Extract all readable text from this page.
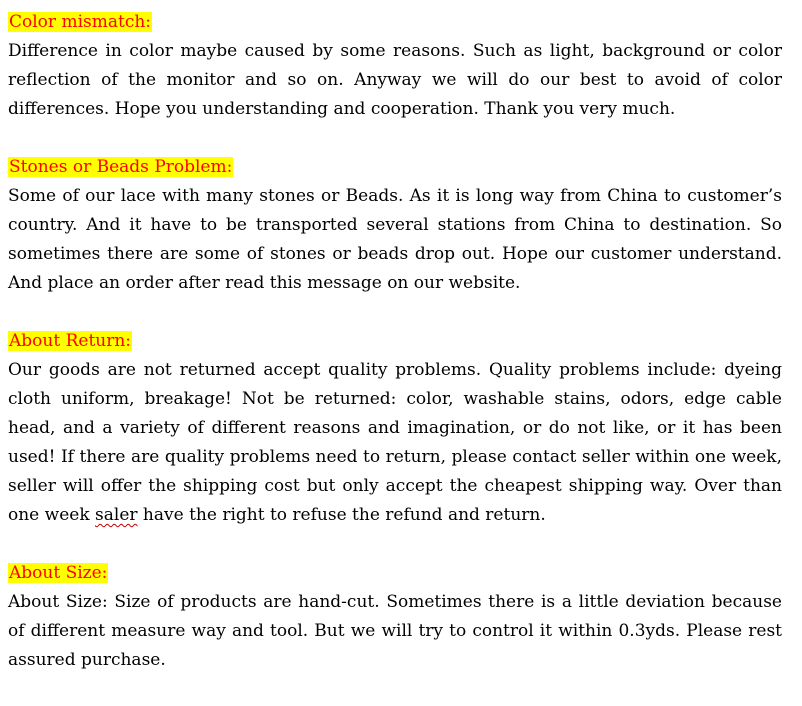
Color mismatch:

Difference in color maybe caused by some reasons. Such as light, background or color reflection of the monitor and so on. Anyway we will do our best to avoid of color differences. Hope you understanding and cooperation. Thank you very much.

Stones or Beads Problem:

Some of our lace with many stones or Beads. As it is long way from China to customer’s country. And it have to be transported several stations from China to destination. So sometimes there are some of stones or beads drop out. Hope our customer understand. And place an order after read this message on our website.

About Return:

Our goods are not returned accept quality problems. Quality problems include: dyeing cloth uniform, breakage! Not be returned: color, washable stains, odors, edge cable head, and a variety of different reasons and imagination, or do not like, or it has been used! If there are quality problems need to return, please contact seller within one week, seller will offer the shipping cost but only accept the cheapest shipping way. Over than one week saler have the right to refuse the refund and return.

About Size:

About Size: Size of products are hand-cut. Sometimes there is a little deviation because of different measure way and tool. But we will try to control it within 0.3yds. Please rest assured purchase.
